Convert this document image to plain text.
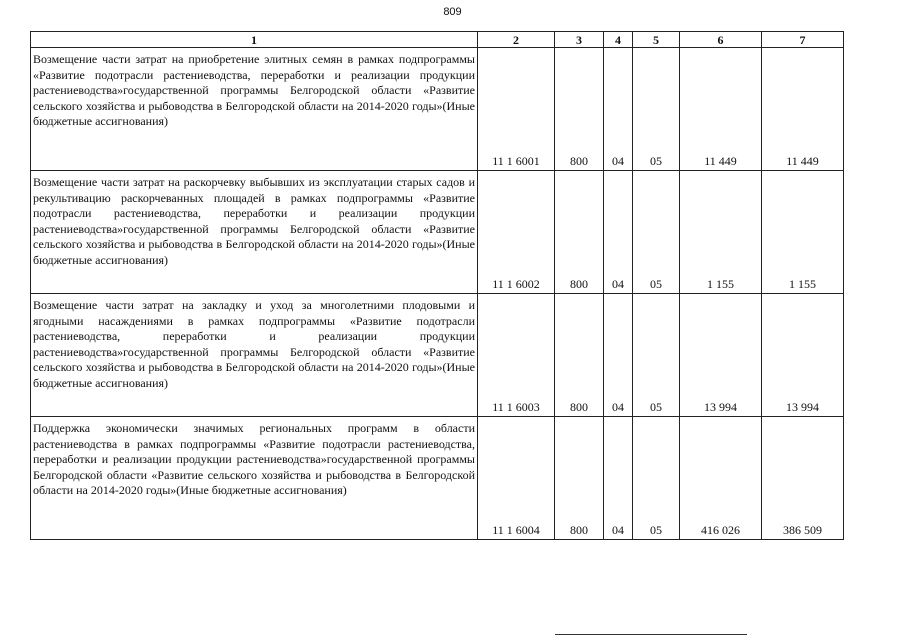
809
1	2	3	4	5	6	7
Возмещение части затрат на приобретение элитных семян в рамках подпрограммы «Развитие подотрасли растениеводства, переработки и реализации продукции растениеводства»государственной программы Белгородской области «Развитие сельского хозяйства и рыбоводства в Белгородской области на 2014-2020 годы»(Иные бюджетные ассигнования)	11 1 6001	800	04	05	11 449	11 449
Возмещение части затрат на раскорчевку выбывших из эксплуатации старых садов и рекультивацию раскорчеванных площадей в рамках подпрограммы «Развитие подотрасли растениеводства, переработки и реализации продукции растениеводства»государственной программы Белгородской области «Развитие сельского хозяйства и рыбоводства в Белгородской области на 2014-2020 годы»(Иные бюджетные ассигнования)	11 1 6002	800	04	05	1 155	1 155
Возмещение части затрат на закладку и уход за многолетними плодовыми и ягодными насаждениями в рамках подпрограммы «Развитие подотрасли растениеводства, переработки и реализации продукции растениеводства»государственной программы Белгородской области «Развитие сельского хозяйства и рыбоводства в Белгородской области на 2014-2020 годы»(Иные бюджетные ассигнования)	11 1 6003	800	04	05	13 994	13 994
Поддержка экономически значимых региональных программ в области растениеводства в рамках подпрограммы «Развитие подотрасли растениеводства, переработки и реализации продукции растениеводства»государственной программы Белгородской области «Развитие сельского хозяйства и рыбоводства в Белгородской области на 2014-2020 годы»(Иные бюджетные ассигнования)	11 1 6004	800	04	05	416 026	386 509
